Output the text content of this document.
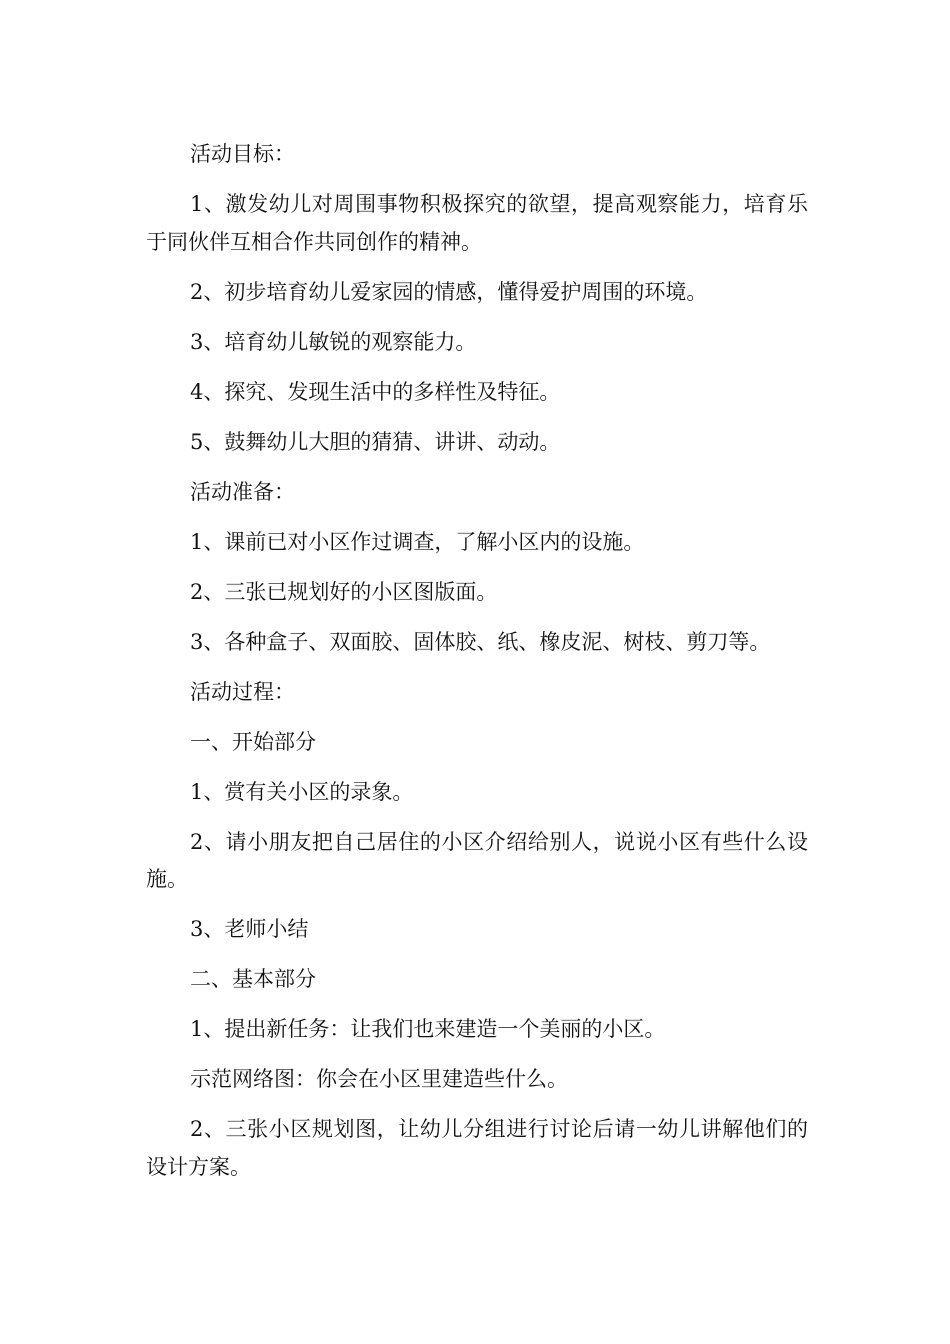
活动目标：

1、激发幼儿对周围事物积极探究的欲望，提高观察能力，培育乐于同伙伴互相合作共同创作的精神。

2、初步培育幼儿爱家园的情感，懂得爱护周围的环境。

3、培育幼儿敏锐的观察能力。

4、探究、发现生活中的多样性及特征。

5、鼓舞幼儿大胆的猜猜、讲讲、动动。

活动准备：

1、课前已对小区作过调查，了解小区内的设施。

2、三张已规划好的小区图版面。

3、各种盒子、双面胶、固体胶、纸、橡皮泥、树枝、剪刀等。

活动过程：

一、开始部分

1、赏有关小区的录象。

2、请小朋友把自己居住的小区介绍给别人，说说小区有些什么设施。

3、老师小结

二、基本部分

1、提出新任务：让我们也来建造一个美丽的小区。

示范网络图：你会在小区里建造些什么。

2、三张小区规划图，让幼儿分组进行讨论后请一幼儿讲解他们的设计方案。
